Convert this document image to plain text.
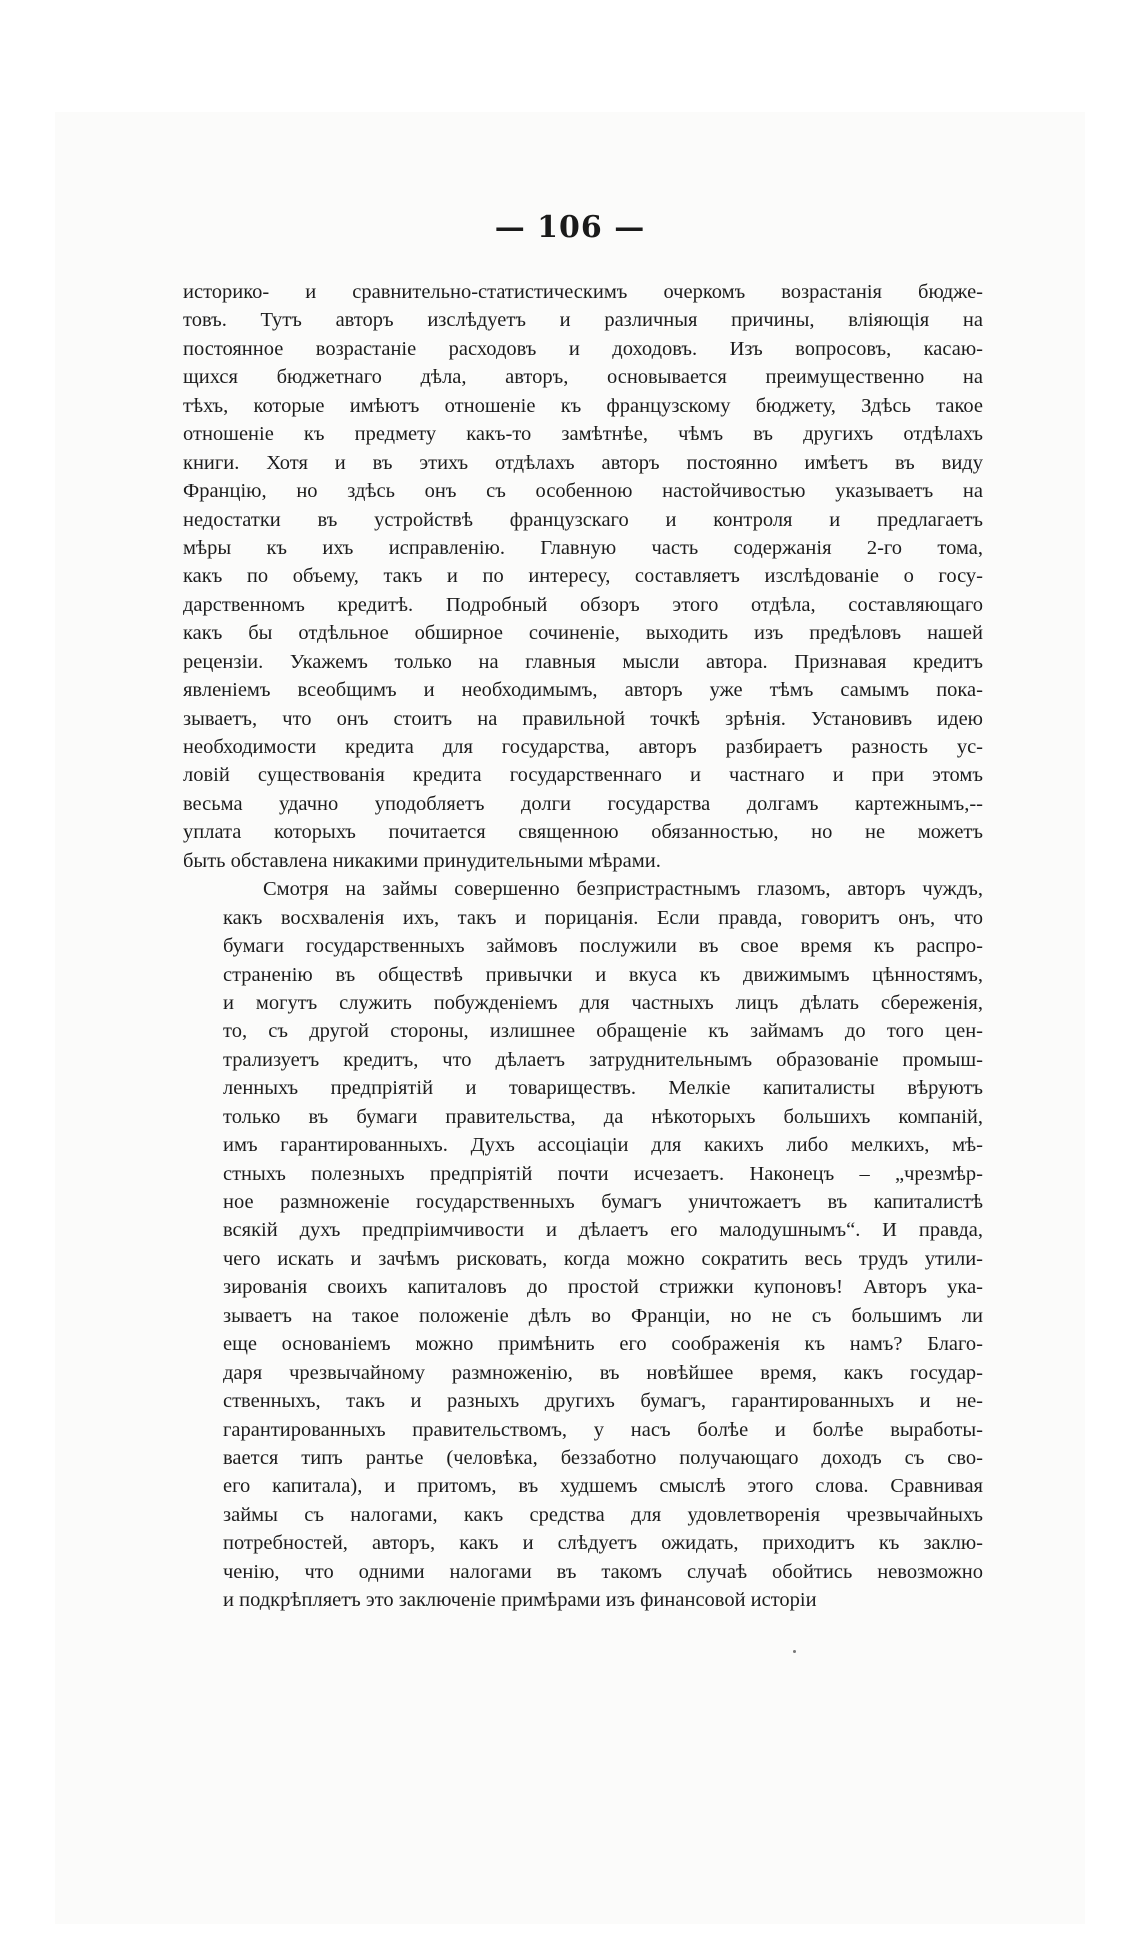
— 106 —
историко- и сравнительно-статистическимъ очеркомъ возрастанія бюдже-
товъ. Тутъ авторъ изслѣдуетъ и различныя причины, вліяющія на
постоянное возрастаніе расходовъ и доходовъ. Изъ вопросовъ, касаю-
щихся бюджетнаго дѣла, авторъ, основывается преимущественно на
тѣхъ, которые имѣютъ отношеніе къ французскому бюджету, Здѣсь такое
отношеніе къ предмету какъ-то замѣтнѣе, чѣмъ въ другихъ отдѣлахъ
книги. Хотя и въ этихъ отдѣлахъ авторъ постоянно имѣетъ въ виду
Францію, но здѣсь онъ съ особенною настойчивостью указываетъ на
недостатки въ устройствѣ французскаго и контроля и предлагаетъ
мѣры къ ихъ исправленію. Главную часть содержанія 2-го тома,
какъ по объему, такъ и по интересу, составляетъ изслѣдованіе о госу-
дарственномъ кредитѣ. Подробный обзоръ этого отдѣла, составляющаго
какъ бы отдѣльное обширное сочиненіе, выходить изъ предѣловъ нашей
рецензіи. Укажемъ только на главныя мысли автора. Признавая кредитъ
явленіемъ всеобщимъ и необходимымъ, авторъ уже тѣмъ самымъ пока-
зываетъ, что онъ стоитъ на правильной точкѣ зрѣнія. Установивъ идею
необходимости кредита для государства, авторъ разбираетъ разность ус-
ловій существованія кредита государственнаго и частнаго и при этомъ
весьма удачно уподобляетъ долги государства долгамъ картежнымъ,--
уплата которыхъ почитается священною обязанностью, но не можетъ
быть обставлена никакими принудительными мѣрами.
Смотря на займы совершенно безпристрастнымъ глазомъ, авторъ чуждъ,
какъ восхваленія ихъ, такъ и порицанія. Если правда, говоритъ онъ, что
бумаги государственныхъ займовъ послужили въ свое время къ распро-
страненію въ обществѣ привычки и вкуса къ движимымъ цѣнностямъ,
и могутъ служить побужденіемъ для частныхъ лицъ дѣлать сбереженія,
то, съ другой стороны, излишнее обращеніе къ займамъ до того цен-
трализуетъ кредитъ, что дѣлаетъ затруднительнымъ образованіе промыш-
ленныхъ предпріятій и товариществъ. Мелкіе капиталисты вѣруютъ
только въ бумаги правительства, да нѣкоторыхъ большихъ компаній,
имъ гарантированныхъ. Духъ ассоціаціи для какихъ либо мелкихъ, мѣ-
стныхъ полезныхъ предпріятій почти исчезаетъ. Наконецъ – „чрезмѣр-
ное размноженіе государственныхъ бумагъ уничтожаетъ въ капиталистѣ
всякій духъ предпріимчивости и дѣлаетъ его малодушнымъ“. И правда,
чего искать и зачѣмъ рисковать, когда можно сократить весь трудъ утили-
зированія своихъ капиталовъ до простой стрижки купоновъ! Авторъ ука-
зываетъ на такое положеніе дѣлъ во Франціи, но не съ большимъ ли
еще основаніемъ можно примѣнить его соображенія къ намъ? Благо-
даря чрезвычайному размноженію, въ новѣйшее время, какъ государ-
ственныхъ, такъ и разныхъ другихъ бумагъ, гарантированныхъ и не-
гарантированныхъ правительствомъ, у насъ болѣе и болѣе выработы-
вается типъ рантье (человѣка, беззаботно получающаго доходъ съ сво-
его капитала), и притомъ, въ худшемъ смыслѣ этого слова. Сравнивая
займы съ налогами, какъ средства для удовлетворенія чрезвычайныхъ
потребностей, авторъ, какъ и слѣдуетъ ожидать, приходитъ къ заклю-
ченію, что одними налогами въ такомъ случаѣ обойтись невозможно
и подкрѣпляетъ это заключеніе примѣрами изъ финансовой исторіи
